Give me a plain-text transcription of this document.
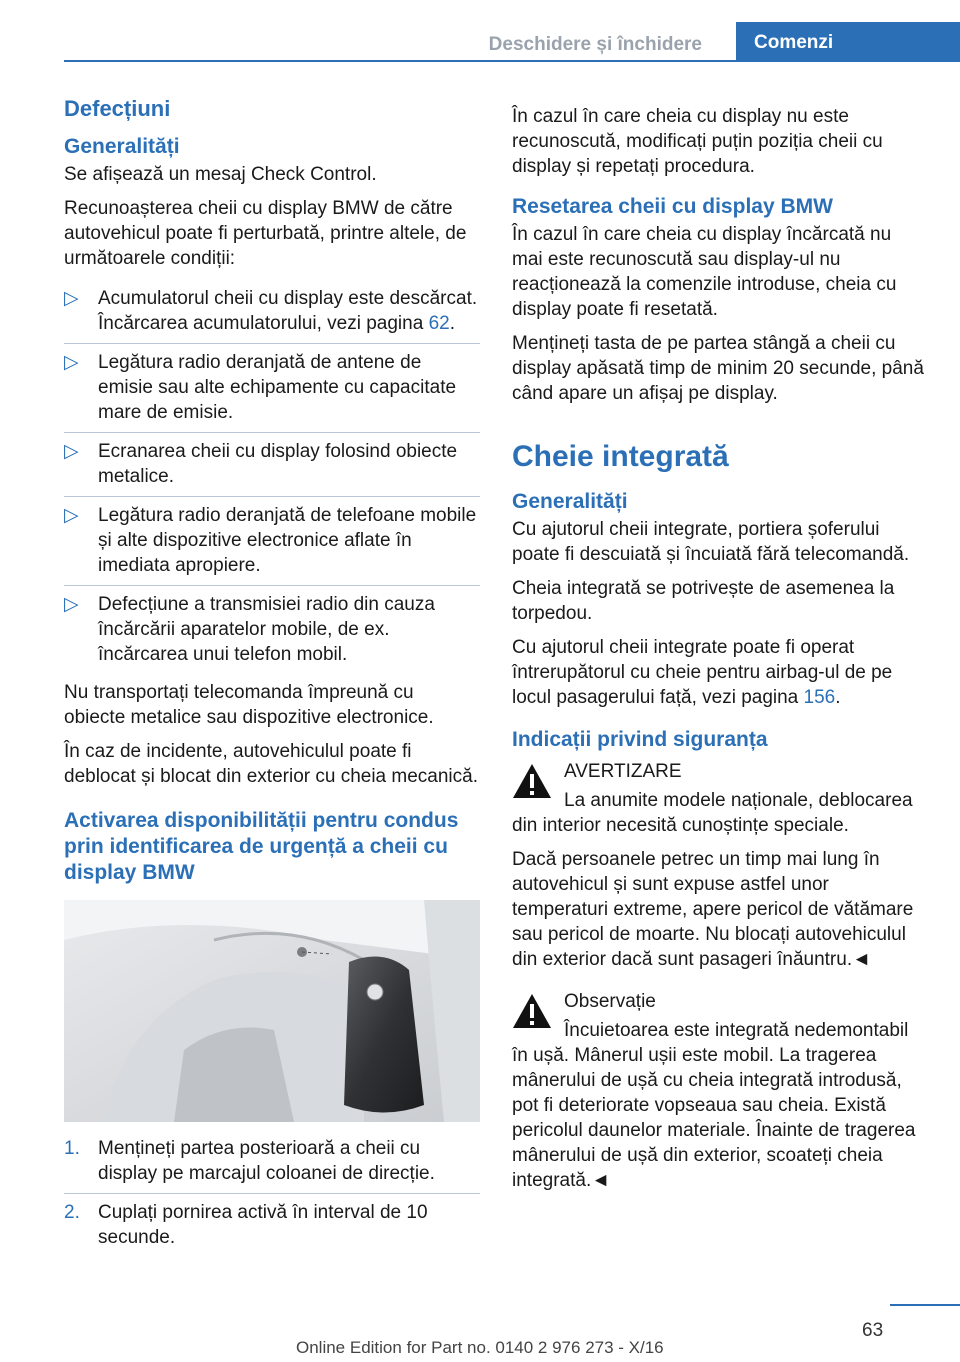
Deschidere și închidere	Comenzi
Defecțiuni
Generalități

Se afișează un mesaj Check Control.

Recunoașterea cheii cu display BMW de către autovehicul poate fi perturbată, printre altele, de următoarele condiții:

▷ Acumulatorul cheii cu display este descărcat. Încărcarea acumulatorului, vezi pagina 62.
▷ Legătura radio deranjată de antene de emisie sau alte echipamente cu capacitate mare de emisie.
▷ Ecranarea cheii cu display folosind obiecte metalice.
▷ Legătura radio deranjată de telefoane mobile și alte dispozitive electronice aflate în imediata apropiere.
▷ Defecțiune a transmisiei radio din cauza încărcării aparatelor mobile, de ex. încărcarea unui telefon mobil.

Nu transportați telecomanda împreună cu obiecte metalice sau dispozitive electronice.

În caz de incidente, autovehiculul poate fi deblocat și blocat din exterior cu cheia mecanică.

Activarea disponibilității pentru condus prin identificarea de urgență a cheii cu display BMW
1. Mențineți partea posterioară a cheii cu display pe marcajul coloanei de direcție.
2. Cuplați pornirea activă în interval de 10 secunde.

În cazul în care cheia cu display nu este recunoscută, modificați puțin poziția cheii cu display și repetați procedura.

Resetarea cheii cu display BMW

În cazul în care cheia cu display încărcată nu mai este recunoscută sau display-ul nu reacționează la comenzile introduse, cheia cu display poate fi resetată.

Mențineți tasta de pe partea stângă a cheii cu display apăsată timp de minim 20 secunde, până când apare un afișaj pe display.

Cheie integrată
Generalități

Cu ajutorul cheii integrate, portiera șoferului poate fi descuiată și încuiată fără telecomandă.

Cheia integrată se potrivește de asemenea la torpedou.

Cu ajutorul cheii integrate poate fi operat întrerupătorul cu cheie pentru airbag-ul de pe locul pasagerului față, vezi pagina 156.

Indicații privind siguranța

AVERTIZARE

La anumite modele naționale, deblocarea din interior necesită cunoștințe speciale.

Dacă persoanele petrec un timp mai lung în autovehicul și sunt expuse astfel unor temperaturi extreme, apere pericol de vătămare sau pericol de moarte. Nu blocați autovehiculul din exterior dacă sunt pasageri înăuntru.◄

Observație

Încuietoarea este integrată nedemontabil în ușă. Mânerul ușii este mobil. La tragerea mânerului de ușă cu cheia integrată introdusă, pot fi deteriorate vopseaua sau cheia. Există pericolul daunelor materiale. Înainte de tragerea mânerului de ușă din exterior, scoateți cheia integrată.◄

63
Online Edition for Part no. 0140 2 976 273 - X/16
